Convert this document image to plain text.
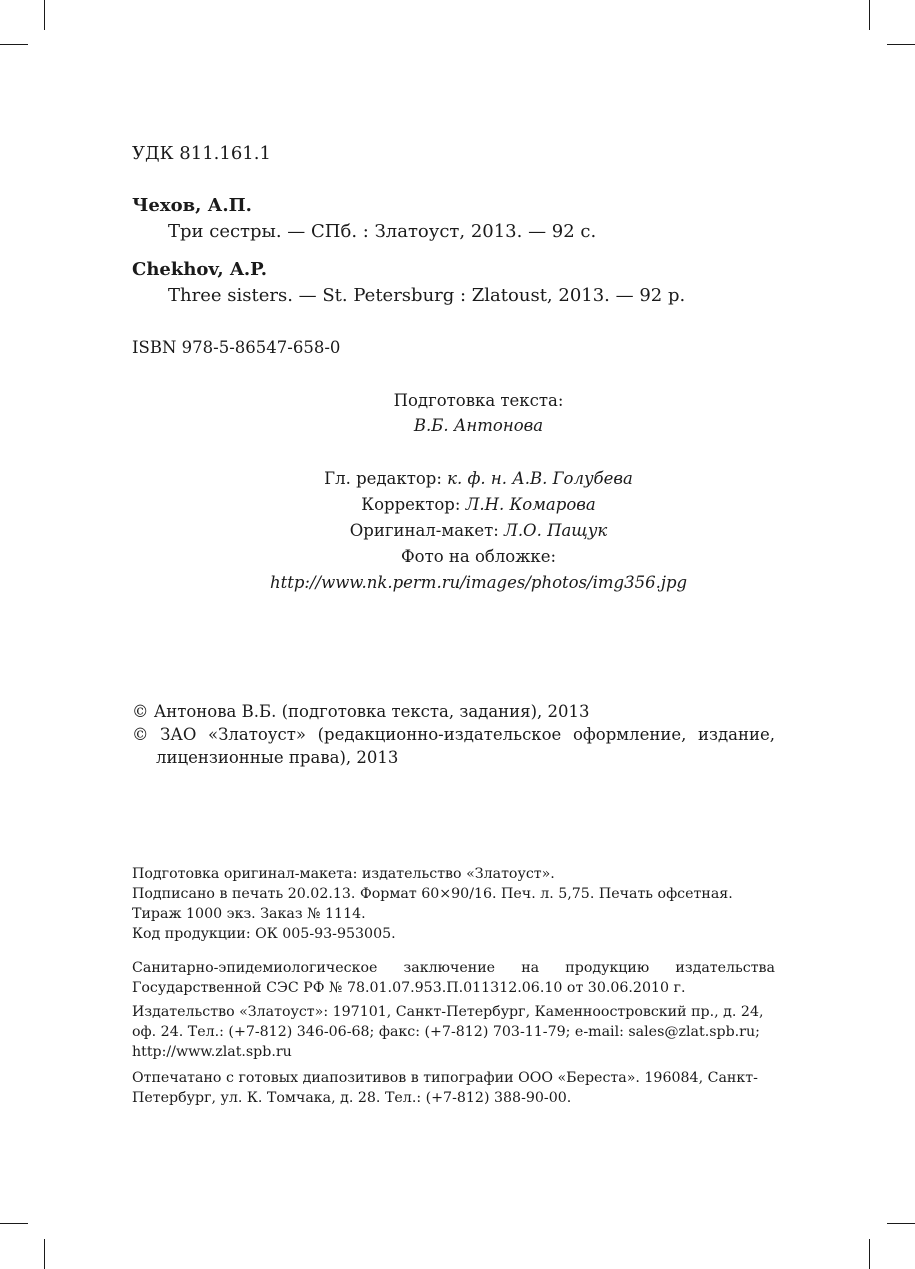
УДК 811.161.1

Чехов, А.П.

Три сестры. — СПб. : Златоуст, 2013. — 92 с.

Chekhov, A.P.

Three sisters. — St. Petersburg : Zlatoust, 2013. — 92 p.

ISBN 978-5-86547-658-0

Подготовка текста:

В.Б. Антонова

Гл. редактор: к. ф. н. А.В. Голубева

Корректор: Л.Н. Комарова

Оригинал-макет: Л.О. Пащук

Фото на обложке:

http://www.nk.perm.ru/images/photos/img356.jpg

© Антонова В.Б. (подготовка текста, задания), 2013

© ЗАО «Златоуст» (редакционно-издательское оформление, издание, лицензионные права), 2013

Подготовка оригинал-макета: издательство «Златоуст».

Подписано в печать 20.02.13. Формат 60×90/16. Печ. л. 5,75. Печать офсетная.

Тираж 1000 экз. Заказ № 1114.

Код продукции: ОК 005-93-953005.

Санитарно-эпидемиологическое заключение на продукцию издательства Государственной СЭС РФ № 78.01.07.953.П.011312.06.10 от 30.06.2010 г.

Издательство «Златоуст»: 197101, Санкт-Петербург, Каменноостровский пр., д. 24, оф. 24. Тел.: (+7-812) 346-06-68; факс: (+7-812) 703-11-79; e-mail: sales@zlat.spb.ru; http://www.zlat.spb.ru

Отпечатано с готовых диапозитивов в типографии ООО «Береста». 196084, Санкт-Петербург, ул. К. Томчака, д. 28. Тел.: (+7-812) 388-90-00.
